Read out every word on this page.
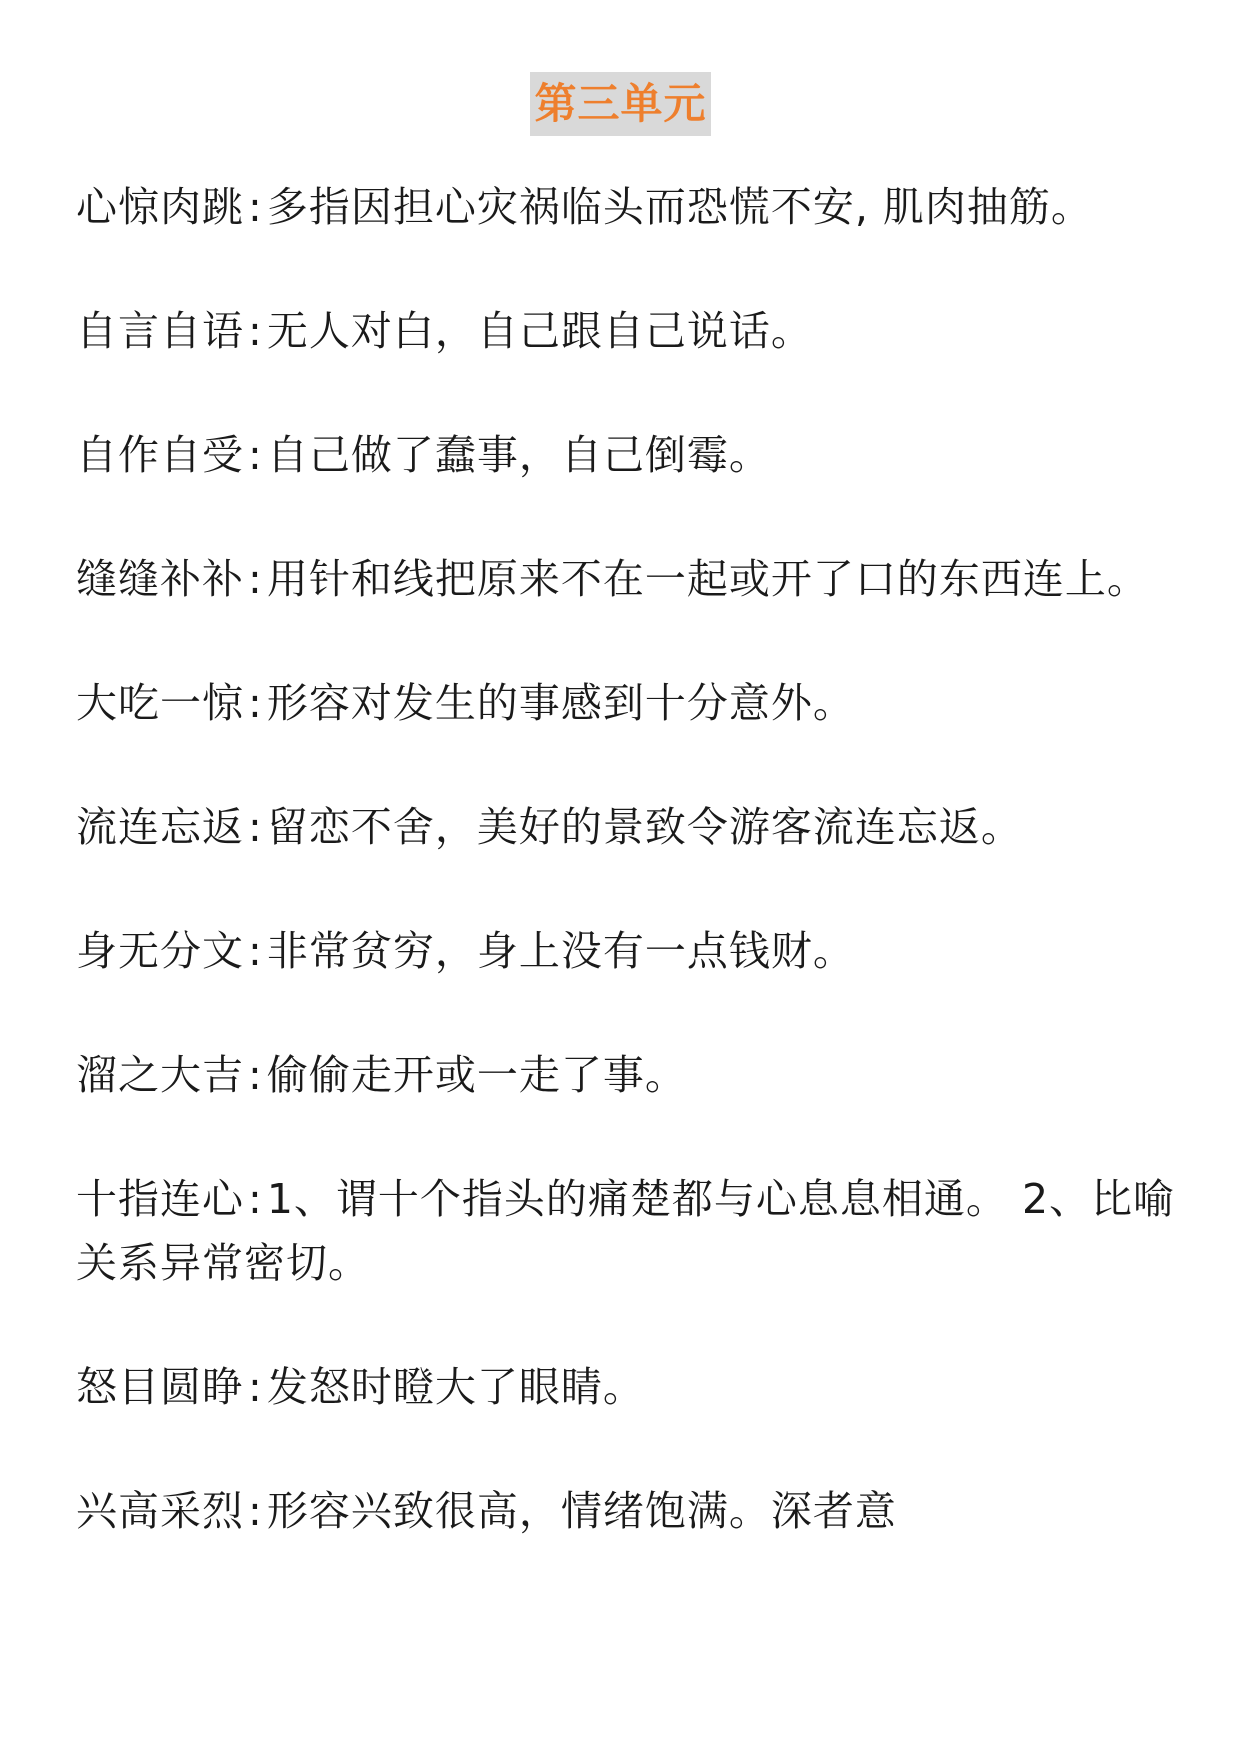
第三单元
心惊肉跳:多指因担心灾祸临头而恐慌不安, 肌肉抽筋。
自言自语:无人对白，自己跟自己说话。
自作自受:自己做了蠢事，自己倒霉。
缝缝补补:用针和线把原来不在一起或开了口的东西连上。
大吃一惊:形容对发生的事感到十分意外。
流连忘返:留恋不舍，美好的景致令游客流连忘返。
身无分文:非常贫穷，身上没有一点钱财。
溜之大吉:偷偷走开或一走了事。
十指连心:1、谓十个指头的痛楚都与心息息相通。 2、比喻关系异常密切。
怒目圆睁:发怒时瞪大了眼睛。
兴高采烈:形容兴致很高，情绪饱满。深者意
